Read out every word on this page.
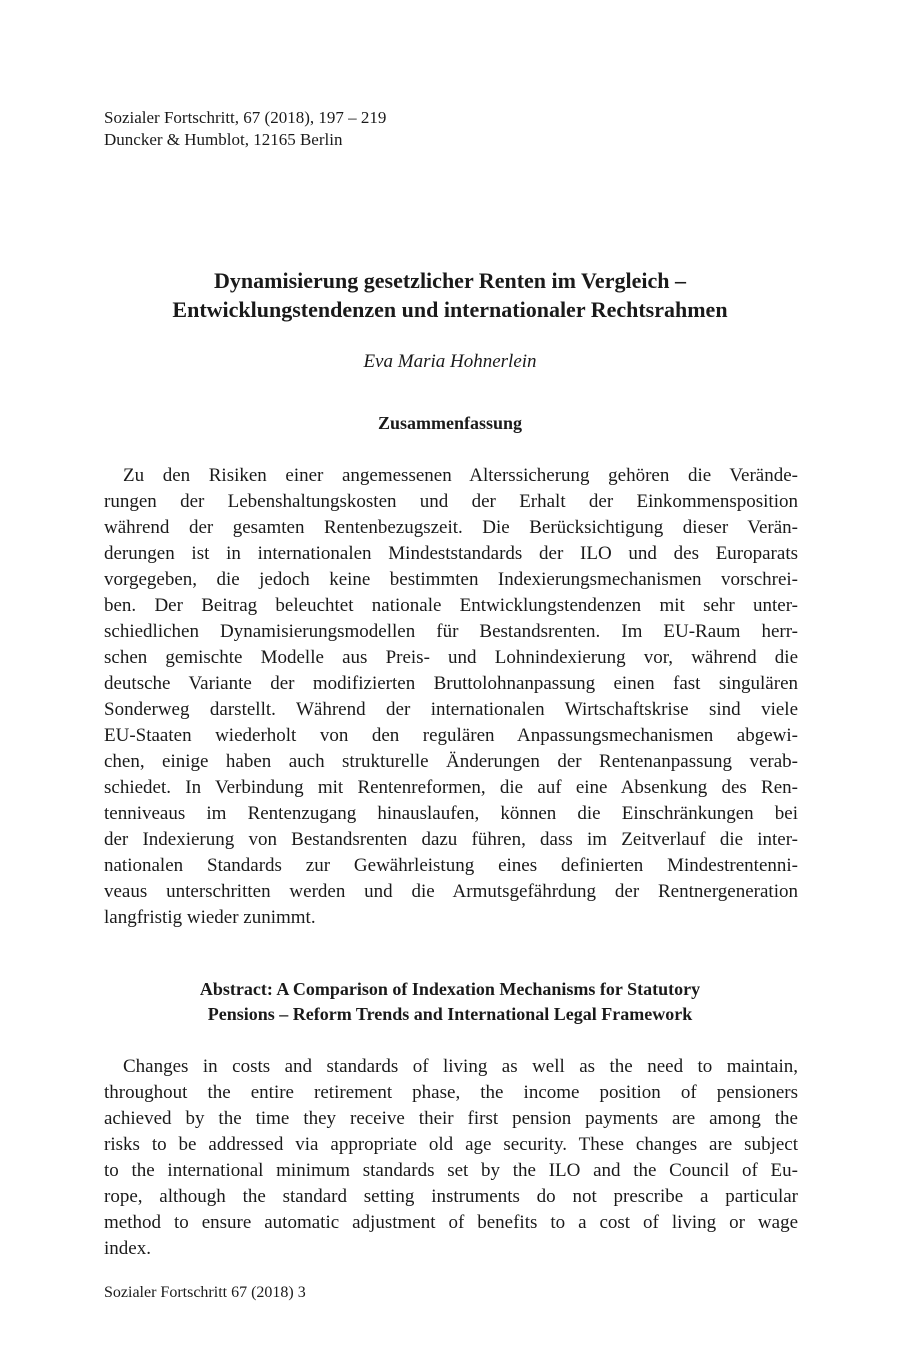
Sozialer Fortschritt, 67 (2018), 197 – 219
Duncker & Humblot, 12165 Berlin
Dynamisierung gesetzlicher Renten im Vergleich –
Entwicklungstendenzen und internationaler Rechtsrahmen
Eva Maria Hohnerlein
Zusammenfassung
Zu den Risiken einer angemessenen Alterssicherung gehören die Verände-
rungen der Lebenshaltungskosten und der Erhalt der Einkommensposition
während der gesamten Rentenbezugszeit. Die Berücksichtigung dieser Verän-
derungen ist in internationalen Mindeststandards der ILO und des Europarats
vorgegeben, die jedoch keine bestimmten Indexierungsmechanismen vorschrei-
ben. Der Beitrag beleuchtet nationale Entwicklungstendenzen mit sehr unter-
schiedlichen Dynamisierungsmodellen für Bestandsrenten. Im EU-Raum herr-
schen gemischte Modelle aus Preis- und Lohnindexierung vor, während die
deutsche Variante der modifizierten Bruttolohnanpassung einen fast singulären
Sonderweg darstellt. Während der internationalen Wirtschaftskrise sind viele
EU-Staaten wiederholt von den regulären Anpassungsmechanismen abgewi-
chen, einige haben auch strukturelle Änderungen der Rentenanpassung verab-
schiedet. In Verbindung mit Rentenreformen, die auf eine Absenkung des Ren-
tenniveaus im Rentenzugang hinauslaufen, können die Einschränkungen bei
der Indexierung von Bestandsrenten dazu führen, dass im Zeitverlauf die inter-
nationalen Standards zur Gewährleistung eines definierten Mindestrentenni-
veaus unterschritten werden und die Armutsgefährdung der Rentnergeneration
langfristig wieder zunimmt.
Abstract: A Comparison of Indexation Mechanisms for Statutory
Pensions – Reform Trends and International Legal Framework
Changes in costs and standards of living as well as the need to maintain,
throughout the entire retirement phase, the income position of pensioners
achieved by the time they receive their first pension payments are among the
risks to be addressed via appropriate old age security. These changes are subject
to the international minimum standards set by the ILO and the Council of Eu-
rope, although the standard setting instruments do not prescribe a particular
method to ensure automatic adjustment of benefits to a cost of living or wage
index.
Sozialer Fortschritt 67 (2018) 3
